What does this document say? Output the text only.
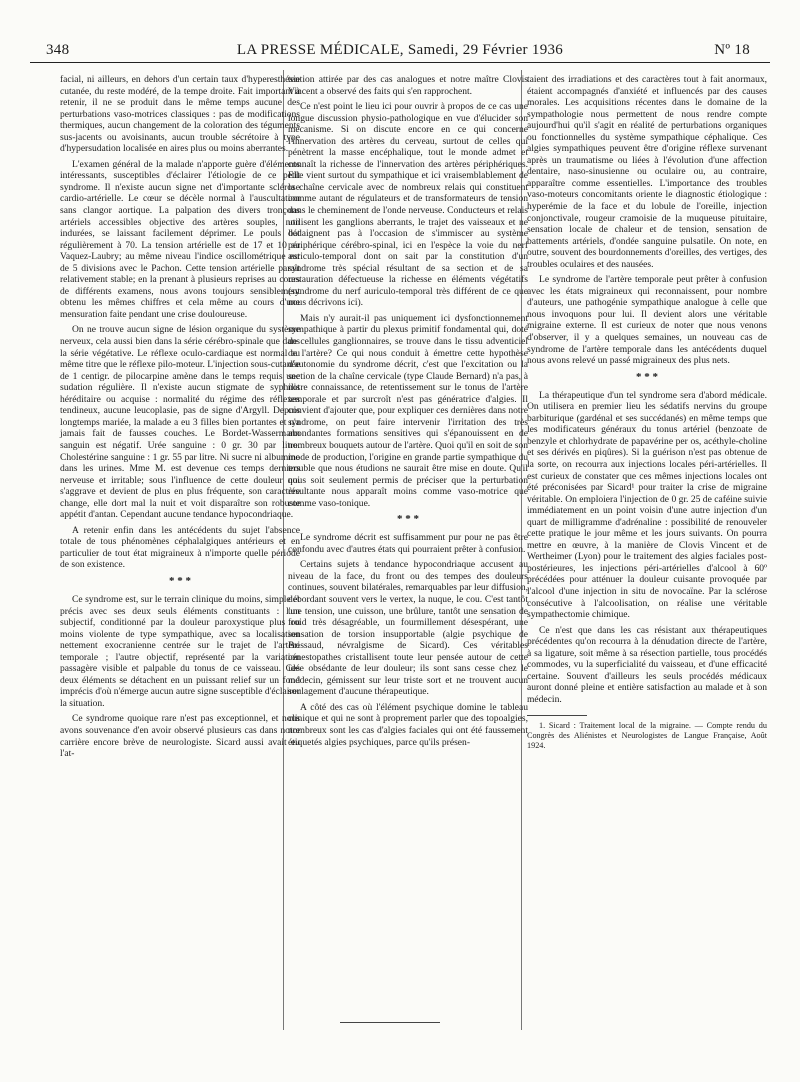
348	LA PRESSE MÉDICALE, Samedi, 29 Février 1936	Nº 18

facial, ni ailleurs, en dehors d'un certain taux d'hyperesthésie cutanée, du reste modéré, de la tempe droite. Fait important à retenir, il ne se produit dans le même temps aucune des perturbations vaso-motrices classiques : pas de modifications thermiques, aucun changement de la coloration des téguments sus-jacents ou avoisinants, aucun trouble sécrétoire à type d'hypersudation localisée en aires plus ou moins aberrantes.

L'examen général de la malade n'apporte guère d'éléments intéressants, susceptibles d'éclairer l'étiologie de ce petit syndrome. Il n'existe aucun signe net d'importante sclérose cardio-artérielle. Le cœur se décèle normal à l'auscultation sans clangor aortique. La palpation des divers tronçons artériels accessibles objective des artères souples, non indurées, se laissant facilement déprimer. Le pouls bat régulièrement à 70. La tension artérielle est de 17 et 10 au Vaquez-Laubry; au même niveau l'indice oscillométrique est de 5 divisions avec le Pachon. Cette tension artérielle paraît relativement stable; en la prenant à plusieurs reprises au cours de différents examens, nous avons toujours sensiblement obtenu les mêmes chiffres et cela même au cours d'une mensuration faite pendant une crise douloureuse.

On ne trouve aucun signe de lésion organique du système nerveux, cela aussi bien dans la série cérébro-spinale que dans la série végétative. Le réflexe oculo-cardiaque est normal au même titre que le réflexe pilo-moteur. L'injection sous-cutanée de 1 centigr. de pilocarpine amène dans le temps requis une sudation régulière. Il n'existe aucun stigmate de syphilis héréditaire ou acquise : normalité du régime des réflexes tendineux, aucune leucoplasie, pas de signe d'Argyll. Depuis longtemps mariée, la malade a eu 3 filles bien portantes et n'a jamais fait de fausses couches. Le Bordet-Wassermann sanguin est négatif. Urée sanguine : 0 gr. 30 par litre. Cholestérine sanguine : 1 gr. 55 par litre. Ni sucre ni albumine dans les urines. Mme M. est devenue ces temps derniers nerveuse et irritable; sous l'influence de cette douleur qui s'aggrave et devient de plus en plus fréquente, son caractère change, elle dort mal la nuit et voit disparaître son robuste appétit d'antan. Cependant aucune tendance hypocondriaque.

A retenir enfin dans les antécédents du sujet l'absence totale de tous phénomènes céphalalgiques antérieurs et en particulier de tout état migraineux à n'importe quelle période de son existence.

* * *

Ce syndrome est, sur le terrain clinique du moins, simple et précis avec ses deux seuls éléments constituants : l'un subjectif, conditionné par la douleur paroxystique plus ou moins violente de type sympathique, avec sa localisation nettement exocranienne centrée sur le trajet de l'artère temporale ; l'autre objectif, représenté par la variation passagère visible et palpable du tonus de ce vaisseau. Ces deux éléments se détachent en un puissant relief sur un fond imprécis d'où n'émerge aucun autre signe susceptible d'éclairer la situation.

Ce syndrome quoique rare n'est pas exceptionnel, et nous avons souvenance d'en avoir observé plusieurs cas dans notre carrière encore brève de neurologiste. Sicard aussi avait eu l'at-

tention attirée par des cas analogues et notre maître Clovis Vincent a observé des faits qui s'en rapprochent.

Ce n'est point le lieu ici pour ouvrir à propos de ce cas une longue discussion physio-pathologique en vue d'élucider son mécanisme. Si on discute encore en ce qui concerne l'innervation des artères du cerveau, surtout de celles qui pénètrent la masse encéphalique, tout le monde admet et connaît la richesse de l'innervation des artères périphériques. Elle vient surtout du sympathique et ici vraisemblablement de la chaîne cervicale avec de nombreux relais qui constituent comme autant de régulateurs et de transformateurs de tension dans le cheminement de l'onde nerveuse. Conducteurs et relais utilisent les ganglions aberrants, le trajet des vaisseaux et ne dédaignent pas à l'occasion de s'immiscer au système périphérique cérébro-spinal, ici en l'espèce la voie du nerf auriculo-temporal dont on sait par la constitution d'un syndrome très spécial résultant de sa section et de sa restauration défectueuse la richesse en éléments végétatifs (syndrome du nerf auriculo-temporal très différent de ce que nous décrivons ici).

Mais n'y aurait-il pas uniquement ici dysfonctionnement sympathique à partir du plexus primitif fondamental qui, doté de cellules ganglionnaires, se trouve dans le tissu adventiciel de l'artère? Ce qui nous conduit à émettre cette hypothèse d'autonomie du syndrome décrit, c'est que l'excitation ou la section de la chaîne cervicale (type Claude Bernard) n'a pas, à notre connaissance, de retentissement sur le tonus de l'artère temporale et par surcroît n'est pas génératrice d'algies. Il convient d'ajouter que, pour expliquer ces dernières dans notre syndrome, on peut faire intervenir l'irritation des très abondantes formations sensitives qui s'épanouissent en de nombreux bouquets autour de l'artère. Quoi qu'il en soit de son mode de production, l'origine en grande partie sympathique du trouble que nous étudions ne saurait être mise en doute. Qu'il nous soit seulement permis de préciser que la perturbation résultante nous apparaît moins comme vaso-motrice que comme vaso-tonique.

* * *

Le syndrome décrit est suffisamment pur pour ne pas être confondu avec d'autres états qui pourraient prêter à confusion.

Certains sujets à tendance hypocondriaque accusent au niveau de la face, du front ou des tempes des douleurs continues, souvent bilatérales, remarquables par leur diffusion, débordant souvent vers le vertex, la nuque, le cou. C'est tantôt une tension, une cuisson, une brûlure, tantôt une sensation de froid très désagréable, un fourmillement désespérant, une sensation de torsion insupportable (algie psychique de Brissaud, névralgisme de Sicard). Ces véritables cénestopathes cristallisent toute leur pensée autour de cette idée obsédante de leur douleur; ils sont sans cesse chez le médecin, gémissent sur leur triste sort et ne trouvent aucun soulagement d'aucune thérapeutique.

A côté des cas où l'élément psychique domine le tableau clinique et qui ne sont à proprement parler que des topoalgies, nombreux sont les cas d'algies faciales qui ont été faussement étiquetés algies psychiques, parce qu'ils présen-

taient des irradiations et des caractères tout à fait anormaux, étaient accompagnés d'anxiété et influencés par des causes morales. Les acquisitions récentes dans le domaine de la sympathologie nous permettent de nous rendre compte aujourd'hui qu'il s'agit en réalité de perturbations organiques ou fonctionnelles du système sympathique céphalique. Ces algies sympathiques peuvent être d'origine réflexe survenant après un traumatisme ou liées à l'évolution d'une affection dentaire, naso-sinusienne ou oculaire ou, au contraire, apparaître comme essentielles. L'importance des troubles vaso-moteurs concomitants oriente le diagnostic étiologique : hyperémie de la face et du lobule de l'oreille, injection conjonctivale, rougeur cramoisie de la muqueuse pituitaire, sensation locale de chaleur et de tension, sensation de battements artériels, d'ondée sanguine pulsatile. On note, en outre, souvent des bourdonnements d'oreilles, des vertiges, des troubles oculaires et des nausées.

Le syndrome de l'artère temporale peut prêter à confusion avec les états migraineux qui reconnaissent, pour nombre d'auteurs, une pathogénie sympathique analogue à celle que nous invoquons pour lui. Il devient alors une véritable migraine externe. Il est curieux de noter que nous venons d'observer, il y a quelques semaines, un nouveau cas de syndrome de l'artère temporale dans les antécédents duquel nous avons relevé un passé migraineux des plus nets.

* * *

La thérapeutique d'un tel syndrome sera d'abord médicale. On utilisera en premier lieu les sédatifs nervins du groupe barbiturique (gardénal et ses succédanés) en même temps que les modificateurs généraux du tonus artériel (benzoate de benzyle et chlorhydrate de papavérine per os, acéthyle-choline et ses dérivés en piqûres). Si la guérison n'est pas obtenue de la sorte, on recourra aux injections locales péri-artérielles. Il est curieux de constater que ces mêmes injections locales ont été préconisées par Sicard¹ pour traiter la crise de migraine véritable. On emploiera l'injection de 0 gr. 25 de caféine suivie immédiatement en un point voisin d'une autre injection d'un quart de milligramme d'adrénaline : possibilité de renouveler cette pratique le jour même et les jours suivants. On pourra mettre en œuvre, à la manière de Clovis Vincent et de Wertheimer (Lyon) pour le traitement des algies faciales post-postérieures, les injections péri-artérielles d'alcool à 60º précédées pour atténuer la douleur cuisante provoquée par l'alcool d'une injection in situ de novocaïne. Par la sclérose consécutive à l'alcoolisation, on réalise une véritable sympathectomie chimique.

Ce n'est que dans les cas résistant aux thérapeutiques précédentes qu'on recourra à la dénudation directe de l'artère, à sa ligature, soit même à sa résection partielle, tous procédés commodes, vu la superficialité du vaisseau, et d'une efficacité certaine. Souvent d'ailleurs les seuls procédés médicaux auront donné pleine et entière satisfaction au malade et à son médecin.

1. Sicard : Traitement local de la migraine. — Compte rendu du Congrès des Aliénistes et Neurologistes de Langue Française, Août 1924.
